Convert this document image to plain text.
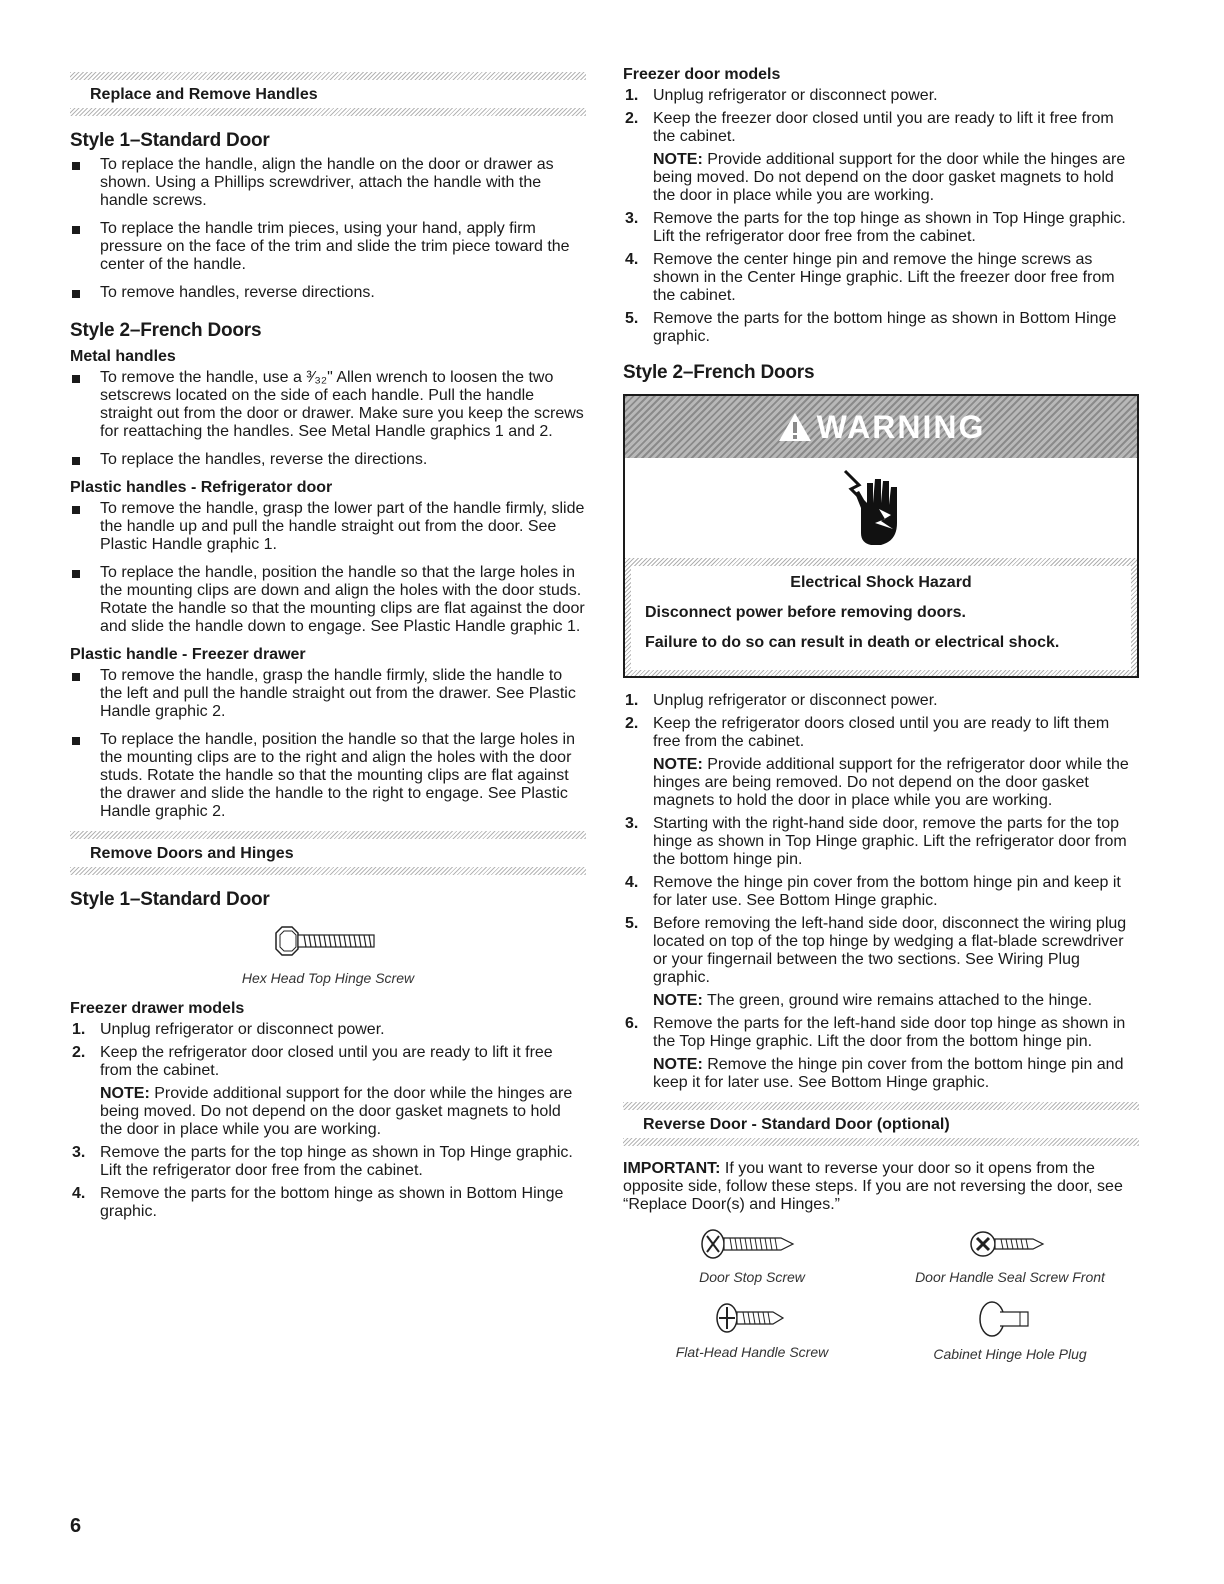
Replace and Remove Handles
Style 1–Standard Door
To replace the handle, align the handle on the door or drawer as shown. Using a Phillips screwdriver, attach the handle with the handle screws.
To replace the handle trim pieces, using your hand, apply firm pressure on the face of the trim and slide the trim piece toward the center of the handle.
To remove handles, reverse directions.
Style 2–French Doors
Metal handles
To remove the handle, use a ³⁄₃₂" Allen wrench to loosen the two setscrews located on the side of each handle. Pull the handle straight out from the door or drawer. Make sure you keep the screws for reattaching the handles. See Metal Handle graphics 1 and 2.
To replace the handles, reverse the directions.
Plastic handles - Refrigerator door
To remove the handle, grasp the lower part of the handle firmly, slide the handle up and pull the handle straight out from the door. See Plastic Handle graphic 1.
To replace the handle, position the handle so that the large holes in the mounting clips are down and align the holes with the door studs. Rotate the handle so that the mounting clips are flat against the door and slide the handle down to engage. See Plastic Handle graphic 1.
Plastic handle - Freezer drawer
To remove the handle, grasp the handle firmly, slide the handle to the left and pull the handle straight out from the drawer. See Plastic Handle graphic 2.
To replace the handle, position the handle so that the large holes in the mounting clips are to the right and align the holes with the door studs. Rotate the handle so that the mounting clips are flat against the drawer and slide the handle to the right to engage. See Plastic Handle graphic 2.
Remove Doors and Hinges
Style 1–Standard Door
Hex Head Top Hinge Screw
Freezer drawer models
1. Unplug refrigerator or disconnect power.
2. Keep the refrigerator door closed until you are ready to lift it free from the cabinet.
NOTE: Provide additional support for the door while the hinges are being moved. Do not depend on the door gasket magnets to hold the door in place while you are working.
3. Remove the parts for the top hinge as shown in Top Hinge graphic. Lift the refrigerator door free from the cabinet.
4. Remove the parts for the bottom hinge as shown in Bottom Hinge graphic.
Freezer door models
1. Unplug refrigerator or disconnect power.
2. Keep the freezer door closed until you are ready to lift it free from the cabinet.
NOTE: Provide additional support for the door while the hinges are being moved. Do not depend on the door gasket magnets to hold the door in place while you are working.
3. Remove the parts for the top hinge as shown in Top Hinge graphic. Lift the refrigerator door free from the cabinet.
4. Remove the center hinge pin and remove the hinge screws as shown in the Center Hinge graphic. Lift the freezer door free from the cabinet.
5. Remove the parts for the bottom hinge as shown in Bottom Hinge graphic.
Style 2–French Doors
WARNING

Electrical Shock Hazard

Disconnect power before removing doors.

Failure to do so can result in death or electrical shock.

1. Unplug refrigerator or disconnect power.
2. Keep the refrigerator doors closed until you are ready to lift them free from the cabinet.
NOTE: Provide additional support for the refrigerator door while the hinges are being removed. Do not depend on the door gasket magnets to hold the door in place while you are working.
3. Starting with the right-hand side door, remove the parts for the top hinge as shown in Top Hinge graphic. Lift the refrigerator door from the bottom hinge pin.
4. Remove the hinge pin cover from the bottom hinge pin and keep it for later use. See Bottom Hinge graphic.
5. Before removing the left-hand side door, disconnect the wiring plug located on top of the top hinge by wedging a flat-blade screwdriver or your fingernail between the two sections. See Wiring Plug graphic.
NOTE: The green, ground wire remains attached to the hinge.
6. Remove the parts for the left-hand side door top hinge as shown in the Top Hinge graphic. Lift the door from the bottom hinge pin.
NOTE: Remove the hinge pin cover from the bottom hinge pin and keep it for later use. See Bottom Hinge graphic.
Reverse Door - Standard Door (optional)

IMPORTANT: If you want to reverse your door so it opens from the opposite side, follow these steps. If you are not reversing the door, see “Replace Door(s) and Hinges.”

Door Stop Screw	Door Handle Seal Screw Front
Flat-Head Handle Screw	Cabinet Hinge Hole Plug
6
